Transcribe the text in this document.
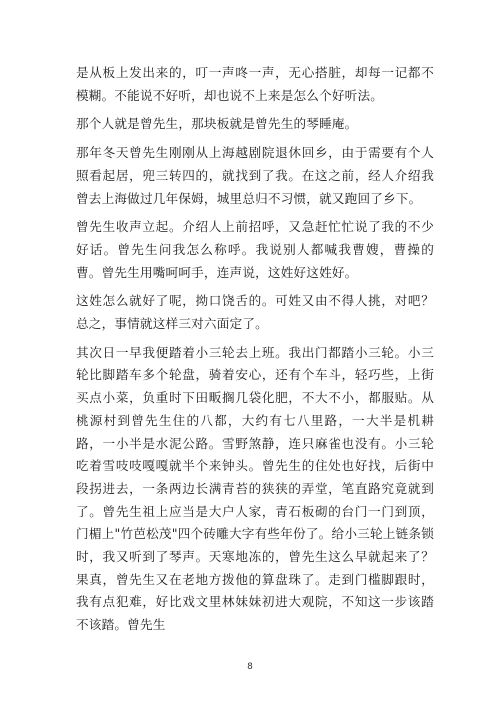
是从板上发出来的，叮一声咚一声，无心搭脏，却每一记都不模糊。不能说不好听，却也说不上来是怎么个好听法。

那个人就是曾先生，那块板就是曾先生的琴睡庵。

那年冬天曾先生刚刚从上海越剧院退休回乡，由于需要有个人照看起居，兜三转四的，就找到了我。在这之前，经人介绍我曾去上海做过几年保姆，城里总归不习惯，就又跑回了乡下。

曾先生收声立起。介绍人上前招呼，又急赶忙忙说了我的不少好话。曾先生问我怎么称呼。我说别人都喊我曹嫂，曹操的曹。曾先生用嘴呵呵手，连声说，这姓好这姓好。

这姓怎么就好了呢，拗口饶舌的。可姓又由不得人挑，对吧？总之，事情就这样三对六面定了。

其次日一早我便踏着小三轮去上班。我出门都踏小三轮。小三轮比脚踏车多个轮盘，骑着安心，还有个车斗，轻巧些，上街买点小菜，负重时下田畈搁几袋化肥，不大不小，都服贴。从桃源村到曾先生住的八都，大约有七八里路，一大半是机耕路，一小半是水泥公路。雪野煞静，连只麻雀也没有。小三轮吃着雪吱吱嘎嘎就半个来钟头。曾先生的住处也好找，后街中段拐进去，一条两边长满青苔的狭狭的弄堂，笔直路究竟就到了。曾先生祖上应当是大户人家，青石板砌的台门一门到顶，门楣上"竹芭松茂"四个砖雕大字有些年份了。给小三轮上链条锁时，我又听到了琴声。天寒地冻的，曾先生这么早就起来了？果真，曾先生又在老地方拨他的算盘珠了。走到门槛脚跟时，我有点犯难，好比戏文里林妹妹初进大观院，不知这一步该踏不该踏。曾先生

8
